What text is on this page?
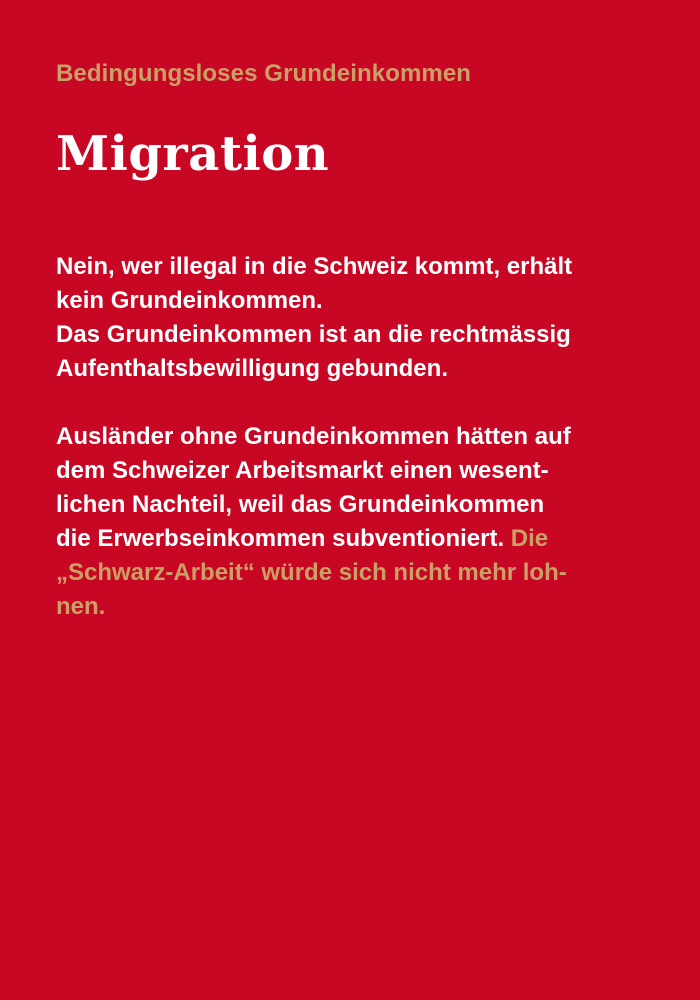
Bedingungsloses Grundeinkommen
Migration
Nein, wer illegal in die Schweiz kommt, erhält
kein Grundeinkommen.
Das Grundeinkommen ist an die rechtmässig
Aufenthaltsbewilligung gebunden.
Ausländer ohne Grundeinkommen hätten auf
dem Schweizer Arbeitsmarkt einen wesent-
lichen Nachteil, weil das Grundeinkommen
die Erwerbseinkommen subventioniert. Die
„Schwarz-Arbeit“ würde sich nicht mehr loh-
nen.
